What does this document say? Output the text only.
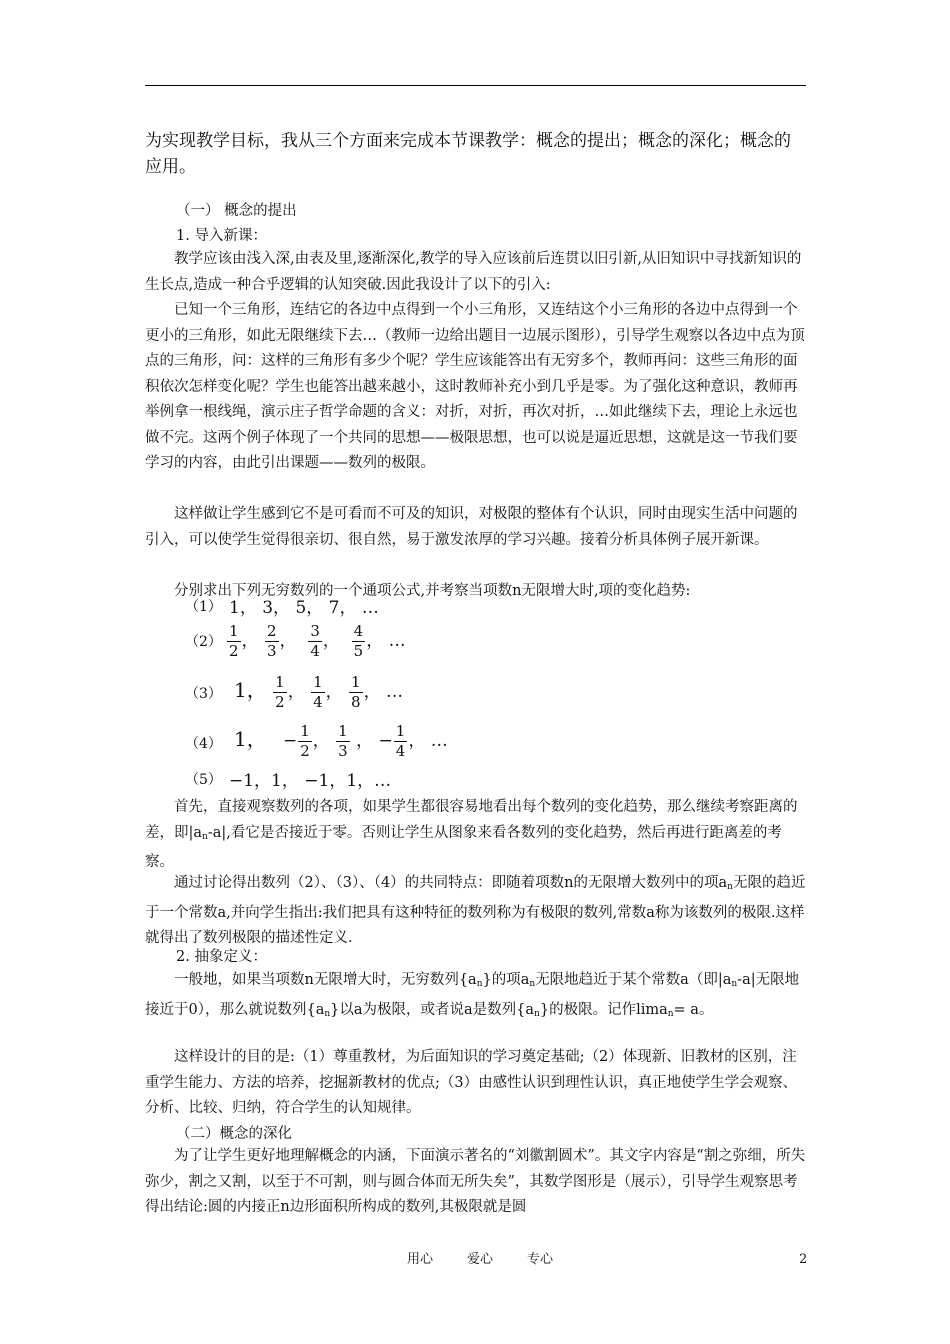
为实现教学目标，我从三个方面来完成本节课教学：概念的提出；概念的深化；概念的应用。
（一） 概念的提出
1. 导入新课：
教学应该由浅入深,由表及里,逐渐深化,教学的导入应该前后连贯以旧引新,从旧知识中寻找新知识的生长点,造成一种合乎逻辑的认知突破.因此我设计了以下的引入:
已知一个三角形，连结它的各边中点得到一个小三角形，又连结这个小三角形的各边中点得到一个更小的三角形，如此无限继续下去…（教师一边给出题目一边展示图形），引导学生观察以各边中点为顶点的三角形，问：这样的三角形有多少个呢？学生应该能答出有无穷多个，教师再问：这些三角形的面积依次怎样变化呢？学生也能答出越来越小，这时教师补充小到几乎是零。为了强化这种意识，教师再举例拿一根线绳，演示庄子哲学命题的含义：对折，对折，再次对折，…如此继续下去，理论上永远也做不完。这两个例子体现了一个共同的思想——极限思想，也可以说是逼近思想，这就是这一节我们要学习的内容，由此引出课题——数列的极限。
这样做让学生感到它不是可看而不可及的知识，对极限的整体有个认识，同时由现实生活中问题的引入，可以使学生觉得很亲切、很自然，易于激发浓厚的学习兴趣。接着分析具体例子展开新课。
分别求出下列无穷数列的一个通项公式,并考察当项数n无限增大时,项的变化趋势:
（1） 1， 3， 5， 7， …
$(2) \frac{1}{2}$ ， $\frac{2}{3}$ ， $\frac{3}{4}$ ， $\frac{4}{5}$ ， …
（3） 1， $\frac{1}{2}$ ， $\frac{1}{4}$ ， $\frac{1}{8}$ ， …
（4） 1， − $\frac{1}{2}$ ， $\frac{1}{3}$ ， − $\frac{1}{4}$ ， …
（5） −1，1， −1，1，…
首先，直接观察数列的各项，如果学生都很容易地看出每个数列的变化趋势，那么继续考察距离的差，即$|a_n-a|$,看它是否接近于零。否则让学生从图象来看各数列的变化趋势，然后再进行距离差的考察。
通过讨论得出数列（2）、（3）、（4）的共同特点：即随着项数n的无限增大数列中的项$a_n$无限的趋近于一个常数a,并向学生指出:我们把具有这种特征的数列称为有极限的数列,常数a称为该数列的极限.这样就得出了数列极限的描述性定义.
2. 抽象定义：
一般地，如果当项数n无限增大时，无穷数列$\{a_n\}$的项$a_n$无限地趋近于某个常数a（即$|a_n-a|$无限地接近于0），那么就说数列$\{a_n\}$以a为极限，或者说a是数列$\{a_n\}$的极限。记作lima$_n$= a。
这样设计的目的是:（1）尊重教材，为后面知识的学习奠定基础;（2）体现新、旧教材的区别，注重学生能力、方法的培养，挖掘新教材的优点;（3）由感性认识到理性认识，真正地使学生学会观察、分析、比较、归纳，符合学生的认知规律。
（二）概念的深化
为了让学生更好地理解概念的内涵，下面演示著名的“刘徽割圆术”。其文字内容是“割之弥细，所失弥少，割之又割，以至于不可割，则与圆合体而无所失矣”，其数学图形是（展示），引导学生观察思考得出结论:圆的内接正n边形面积所构成的数列,其极限就是圆
用心	爱心	专心	2
